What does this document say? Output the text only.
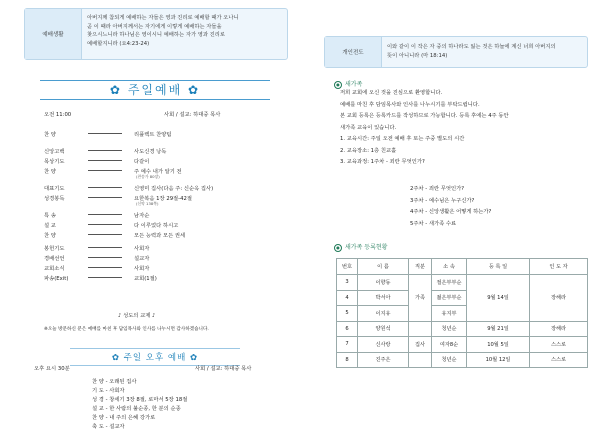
예배생활
아버지께 참되게 예배하는 자들은 영과 진리로 예배할 때가 오나니
곧 이 때라 아버지께서는 자기에게 이렇게 예배하는 자들을
찾으시느니라 하나님은 영이시니 예배하는 자가 영과 진리로
예배할지니라 (요4:23-24)
✿ 주일예배 ✿
오전 11:00	사회 / 설교: 하대중 목사
찬 양	리플렉트 찬양팀
신앙고백	사도신경 낭독
목상기도	다같이
찬 양	주 예수 내가 알기 전
(찬송가 80장)
대표기도	신영미 집사(다음 주: 신순옥 집사)
성경봉독	요한복음 1장 29절-42절
(신약 138쪽)
특 송	남자순
설 교	다 이루었다 하시고
찬 양	모든 능력과 모든 권세
봉헌기도	사회자
경배선언	설교자
교회소식	사회자
파송(Exit)	교회(1절)
♪ 성도의 교제 ♪
※오늘 방문하신 분은 예배를 마친 후 담임목사와 인사를 나누시면 감사하겠습니다.
✿ 주일 오후 예배 ✿
오후 요시 30분	사회 / 설교: 하대중 목사
찬 양 - 오래된 집사
기 도 - 사회자
성 경 - 창세기 3장 8절, 로마서 5장 18절
설 교 - 한 사람의 불순종, 한 분의 순종
찬 양 - 내 주의 은혜 강가로
축 도 - 설교자
개인전도
이와 같이 이 작은 자 중의 하나라도 잃는 것은 하늘에 계신 너희 아버지의
뜻이 아니니라 (마 18:14)
● 새가족
저희 교회에 오신 것을 진심으로 환영합니다.
예배를 마친 후 담임목사와 인사를 나누시기를 부탁드립니다.
본 교회 등록은 등록카드를 작성하므로 가능합니다. 등록 후에는 4주 동안
새가족 교육이 있습니다.
1. 교육시간: 주일 오전 예배 후 또는 주중 별도의 시간
2. 교육장소: 1층 친교홀
3. 교육과정: 1주차 - 죄란 무엇인가?
2주차 - 죄란 무엇인가?
3주차 - 예수님은 누구신가?
4주차 - 신앙생활은 어떻게 하는가?
5주차 - 새가족 수료
● 새가족 등록현황
번호	이 름	직분	소 속	등 록 일	인 도 자
3	이향동	가족	절은부부순	9월 14일	장해라
4	박서아		젊은부부순		
5	이지유		유지부		
6	양원석		청년순	9월 21일	장해라
7	신사랑	집사	여자8순	10월 5일	스스로
8	진주은		청년순	10월 12일	스스로
